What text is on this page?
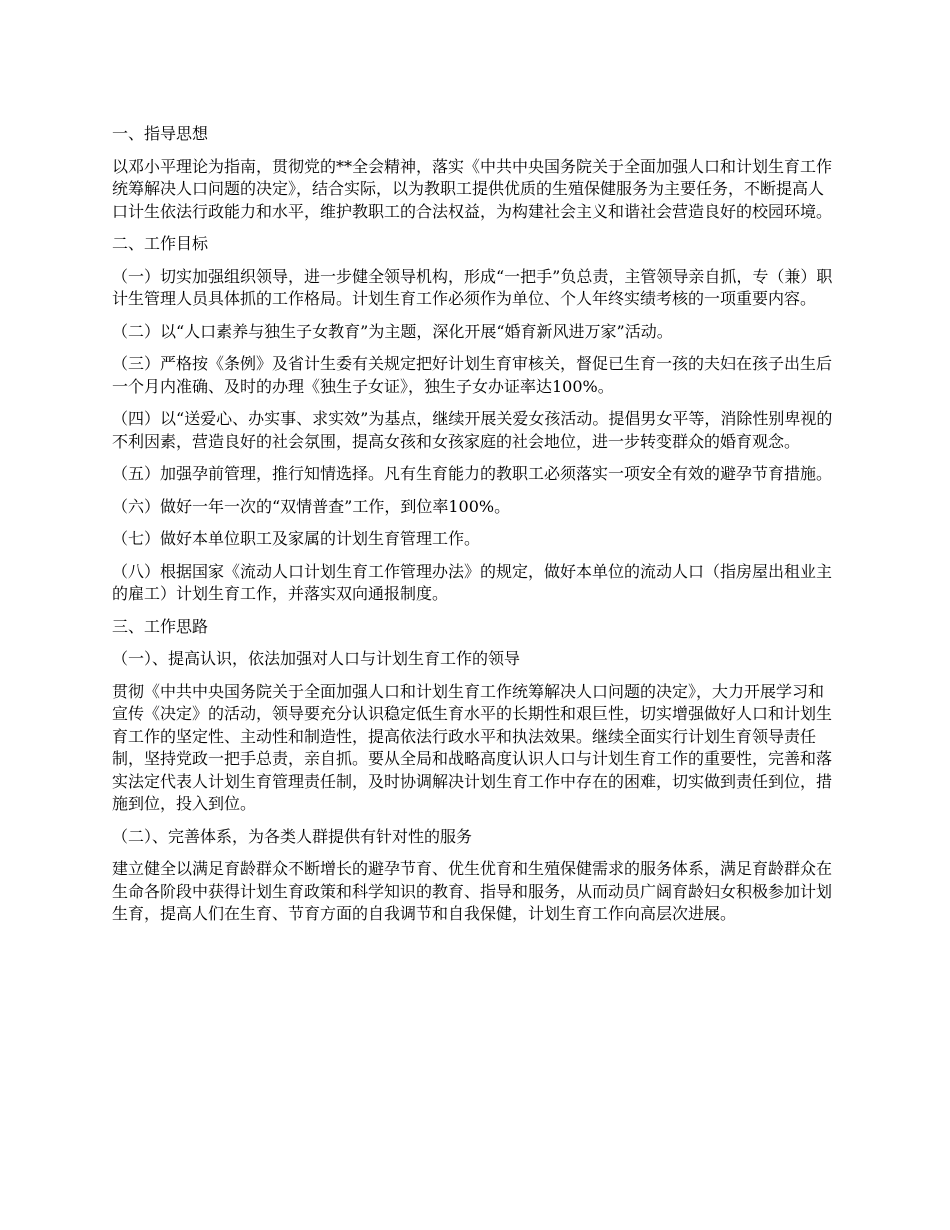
一、指导思想

以邓小平理论为指南，贯彻党的**全会精神，落实《中共中央国务院关于全面加强人口和计划生育工作统筹解决人口问题的决定》，结合实际，以为教职工提供优质的生殖保健服务为主要任务，不断提高人口计生依法行政能力和水平，维护教职工的合法权益，为构建社会主义和谐社会营造良好的校园环境。

二、工作目标

（一）切实加强组织领导，进一步健全领导机构，形成“一把手”负总责，主管领导亲自抓，专（兼）职计生管理人员具体抓的工作格局。计划生育工作必须作为单位、个人年终实绩考核的一项重要内容。

（二）以“人口素养与独生子女教育”为主题，深化开展“婚育新风进万家”活动。

（三）严格按《条例》及省计生委有关规定把好计划生育审核关，督促已生育一孩的夫妇在孩子出生后一个月内准确、及时的办理《独生子女证》，独生子女办证率达100%。

（四）以“送爱心、办实事、求实效”为基点，继续开展关爱女孩活动。提倡男女平等，消除性别卑视的不利因素，营造良好的社会氛围，提高女孩和女孩家庭的社会地位，进一步转变群众的婚育观念。

（五）加强孕前管理，推行知情选择。凡有生育能力的教职工必须落实一项安全有效的避孕节育措施。

（六）做好一年一次的“双情普查”工作，到位率100%。

（七）做好本单位职工及家属的计划生育管理工作。

（八）根据国家《流动人口计划生育工作管理办法》的规定，做好本单位的流动人口（指房屋出租业主的雇工）计划生育工作，并落实双向通报制度。

三、工作思路

（一）、提高认识，依法加强对人口与计划生育工作的领导

贯彻《中共中央国务院关于全面加强人口和计划生育工作统筹解决人口问题的决定》，大力开展学习和宣传《决定》的活动，领导要充分认识稳定低生育水平的长期性和艰巨性，切实增强做好人口和计划生育工作的坚定性、主动性和制造性，提高依法行政水平和执法效果。继续全面实行计划生育领导责任制，坚持党政一把手总责，亲自抓。要从全局和战略高度认识人口与计划生育工作的重要性，完善和落实法定代表人计划生育管理责任制，及时协调解决计划生育工作中存在的困难，切实做到责任到位，措施到位，投入到位。

（二）、完善体系，为各类人群提供有针对性的服务

建立健全以满足育龄群众不断增长的避孕节育、优生优育和生殖保健需求的服务体系，满足育龄群众在生命各阶段中获得计划生育政策和科学知识的教育、指导和服务，从而动员广阔育龄妇女积极参加计划生育，提高人们在生育、节育方面的自我调节和自我保健，计划生育工作向高层次进展。
